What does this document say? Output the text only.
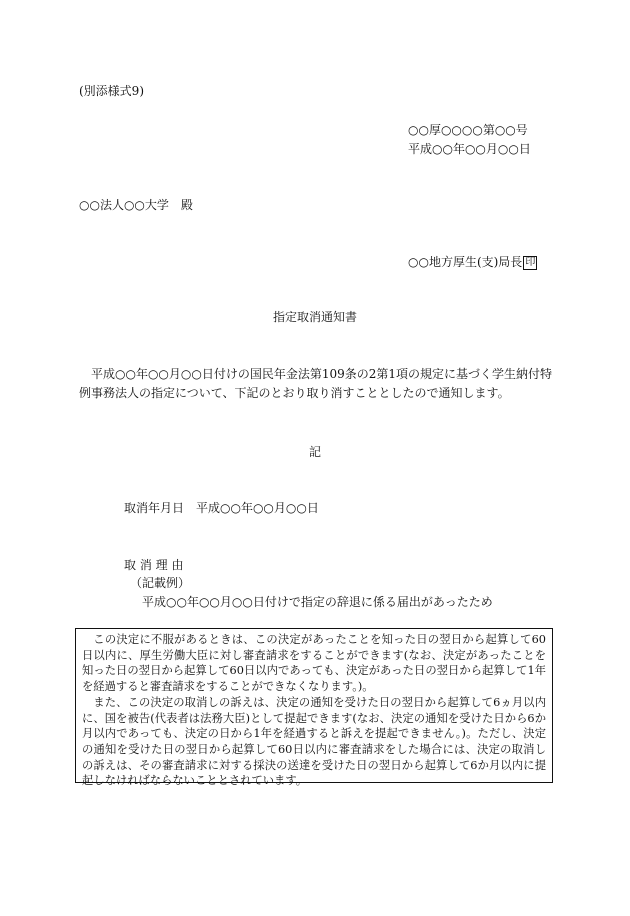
(別添様式9)
○○厚○○○○第○○号
平成○○年○○月○○日
○○法人○○大学　殿
○○地方厚生(支)局長 印
指定取消通知書
平成○○年○○月○○日付けの国民年金法第109条の2第1項の規定に基づく学生納付特
例事務法人の指定について、下記のとおり取り消すこととしたので通知します。
記
取消年月日 平成○○年○○月○○日
取 消 理 由
（記載例）
平成○○年○○月○○日付けで指定の辞退に係る届出があったため

この決定に不服があるときは、この決定があったことを知った日の翌日から起算して60日以内に、厚生労働大臣に対し審査請求をすることができます(なお、決定があったことを知った日の翌日から起算して60日以内であっても、決定があった日の翌日から起算して1年を経過すると審査請求をすることができなくなります。)。

また、この決定の取消しの訴えは、決定の通知を受けた日の翌日から起算して6ヵ月以内に、国を被告(代表者は法務大臣)として提起できます(なお、決定の通知を受けた日から6か月以内であっても、決定の日から1年を経過すると訴えを提起できません。)。ただし、決定の通知を受けた日の翌日から起算して60日以内に審査請求をした場合には、決定の取消しの訴えは、その審査請求に対する採決の送達を受けた日の翌日から起算して6か月以内に提起しなければならないこととされています。
